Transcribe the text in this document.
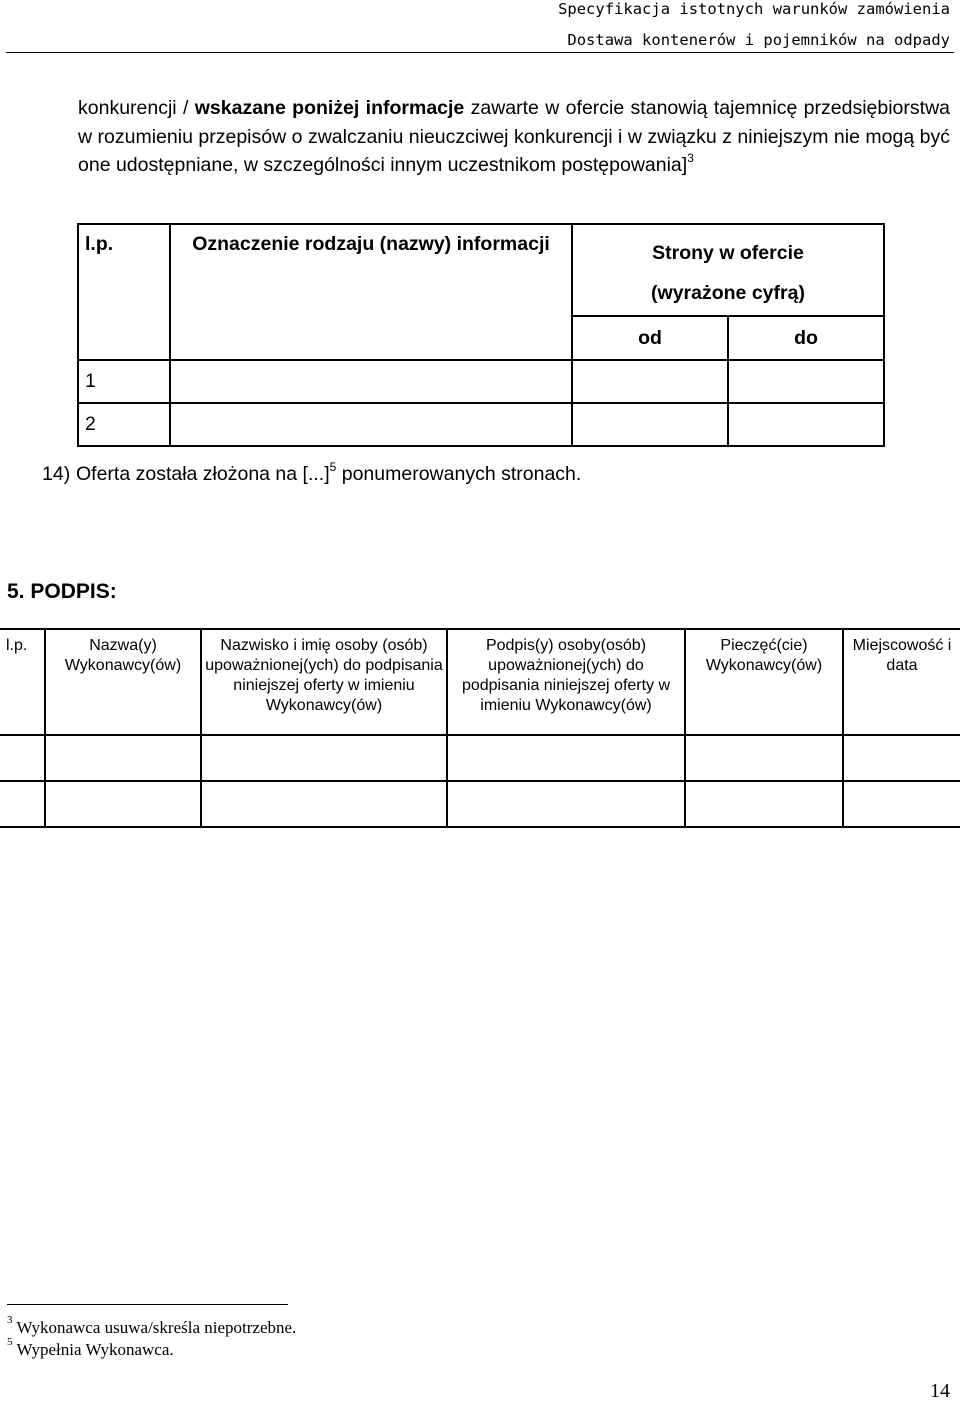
Specyfikacja istotnych warunków zamówienia
Dostawa kontenerów i pojemników na odpady

konkurencji / wskazane poniżej informacje zawarte w ofercie stanowią tajemnicę przedsiębiorstwa w rozumieniu przepisów o zwalczaniu nieuczciwej konkurencji i w związku z niniejszym nie mogą być one udostępniane, w szczególności innym uczestnikom postępowania]$^3$

l.p.	Oznaczenie rodzaju (nazwy) informacji	Strony w ofercie
(wyrażone cyfrą)	

		od	do
1			
2			
14) Oferta została złożona na [...]$^5$ ponumerowanych stronach.
5. PODPIS:
l.p.	Nazwa(y) Wykonawcy(ów)	Nazwisko i imię osoby (osób) upoważnionej(ych) do podpisania niniejszej oferty w imieniu Wykonawcy(ów)	Podpis(y) osoby(osób) upoważnionej(ych) do podpisania niniejszej oferty w imieniu Wykonawcy(ów)	Pieczęć(cie) Wykonawcy(ów)	Miejscowość i data

$^3$ Wykonawca usuwa/skreśla niepotrzebne.
$^5$ Wypełnia Wykonawca.
14
